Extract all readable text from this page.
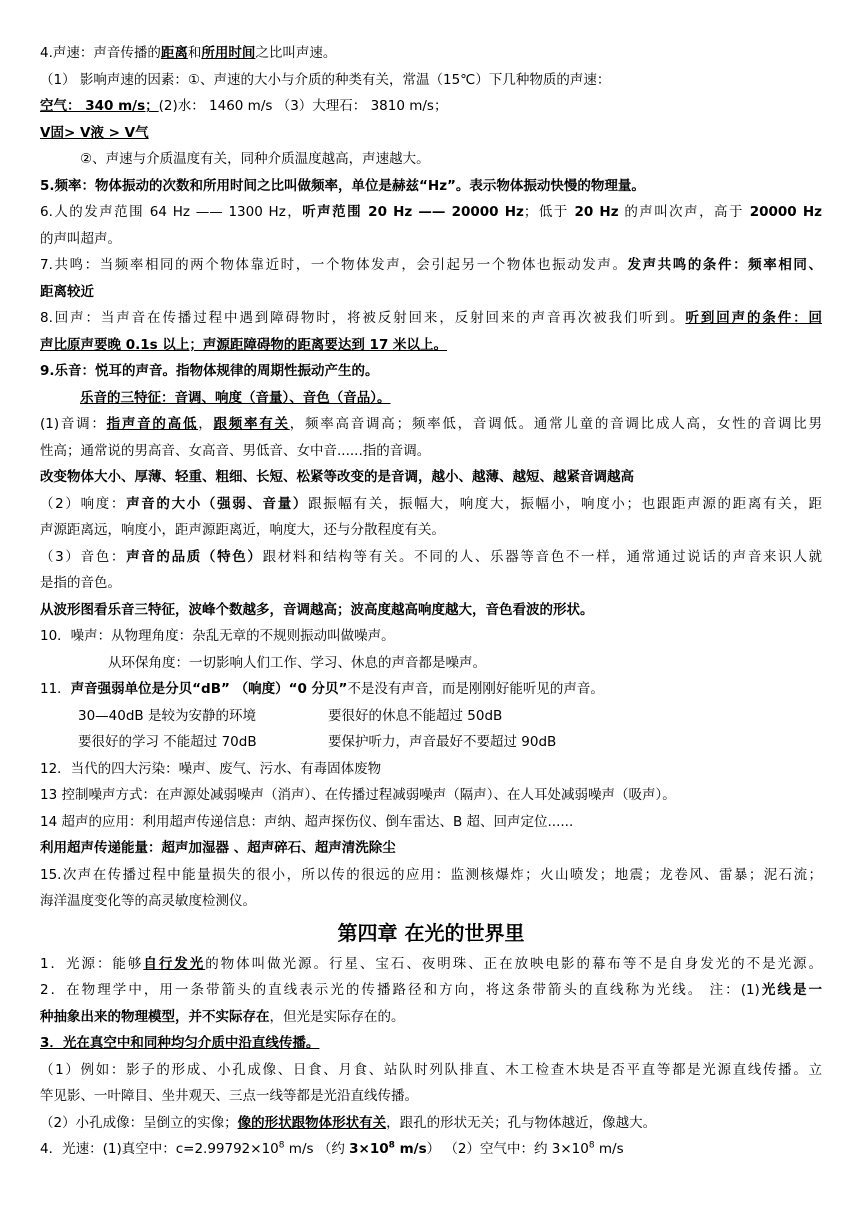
4.声速：声音传播的距离和所用时间之比叫声速。
（1） 影响声速的因素：①、声速的大小与介质的种类有关，常温（15℃）下几种物质的声速：
空气： 340 m/s；(2)水： 1460 m/s （3）大理石： 3810 m/s；
V固> V液 > V气
②、声速与介质温度有关，同种介质温度越高，声速越大。
5.频率：物体振动的次数和所用时间之比叫做频率，单位是赫兹“Hz”。表示物体振动快慢的物理量。
6.人的发声范围 64 Hz —— 1300 Hz，听声范围 20 Hz —— 20000 Hz；低于 20 Hz 的声叫次声，高于 20000 Hz
的声叫超声。
7.共鸣：当频率相同的两个物体靠近时，一个物体发声，会引起另一个物体也振动发声。发声共鸣的条件：频率相同、
距离较近
8.回声：当声音在传播过程中遇到障碍物时，将被反射回来，反射回来的声音再次被我们听到。听到回声的条件：回
声比原声要晚 0.1s 以上；声源距障碍物的距离要达到 17 米以上。
9.乐音：悦耳的声音。指物体规律的周期性振动产生的。
乐音的三特征：音调、响度（音量）、音色（音品）。
(1)音调：指声音的高低，跟频率有关，频率高音调高；频率低，音调低。通常儿童的音调比成人高，女性的音调比男
性高；通常说的男高音、女高音、男低音、女中音......指的音调。
改变物体大小、厚薄、轻重、粗细、长短、松紧等改变的是音调，越小、越薄、越短、越紧音调越高
（2）响度：声音的大小（强弱、音量）跟振幅有关，振幅大，响度大，振幅小，响度小；也跟距声源的距离有关，距
声源距离远，响度小，距声源距离近，响度大，还与分散程度有关。
（3）音色：声音的品质（特色）跟材料和结构等有关。不同的人、乐器等音色不一样，通常通过说话的声音来识人就
是指的音色。
从波形图看乐音三特征，波峰个数越多，音调越高；波高度越高响度越大，音色看波的形状。
10．噪声：从物理角度：杂乱无章的不规则振动叫做噪声。
从环保角度：一切影响人们工作、学习、休息的声音都是噪声。
11．声音强弱单位是分贝“dB” （响度）“0 分贝”不是没有声音，而是刚刚好能听见的声音。
30—40dB 是较为安静的环境	要很好的休息不能超过 50dB
要很好的学习 不能超过 70dB	要保护听力，声音最好不要超过 90dB
12．当代的四大污染：噪声、废气、污水、有毒固体废物
13 控制噪声方式：在声源处减弱噪声（消声）、在传播过程减弱噪声（隔声）、在人耳处减弱噪声（吸声）。
14 超声的应用：利用超声传递信息：声纳、超声探伤仪、倒车雷达、B 超、回声定位......
利用超声传递能量：超声加湿器 、超声碎石、超声清洗除尘
15.次声在传播过程中能量损失的很小，所以传的很远的应用：监测核爆炸；火山喷发；地震；龙卷风、雷暴；泥石流；
海洋温度变化等的高灵敏度检测仪。
第四章 在光的世界里
1．光源：能够自行发光的物体叫做光源。行星、宝石、夜明珠、正在放映电影的幕布等不是自身发光的不是光源。
2．在物理学中，用一条带箭头的直线表示光的传播路径和方向，将这条带箭头的直线称为光线。 注：(1)光线是一
种抽象出来的物理模型，并不实际存在，但光是实际存在的。
3．光在真空中和同种均匀介质中沿直线传播。
（1）例如：影子的形成、小孔成像、日食、月食、站队时列队排直、木工检查木块是否平直等都是光源直线传播。立
竿见影、一叶障目、坐井观天、三点一线等都是光沿直线传播。
（2）小孔成像：呈倒立的实像；像的形状跟物体形状有关，跟孔的形状无关；孔与物体越近，像越大。
4．光速：(1)真空中：$c=2.99792\times 10^8$ m/s （约 $3\times 10^8$ m/s） （2）空气中：约 $3\times 10^8$ m/s
